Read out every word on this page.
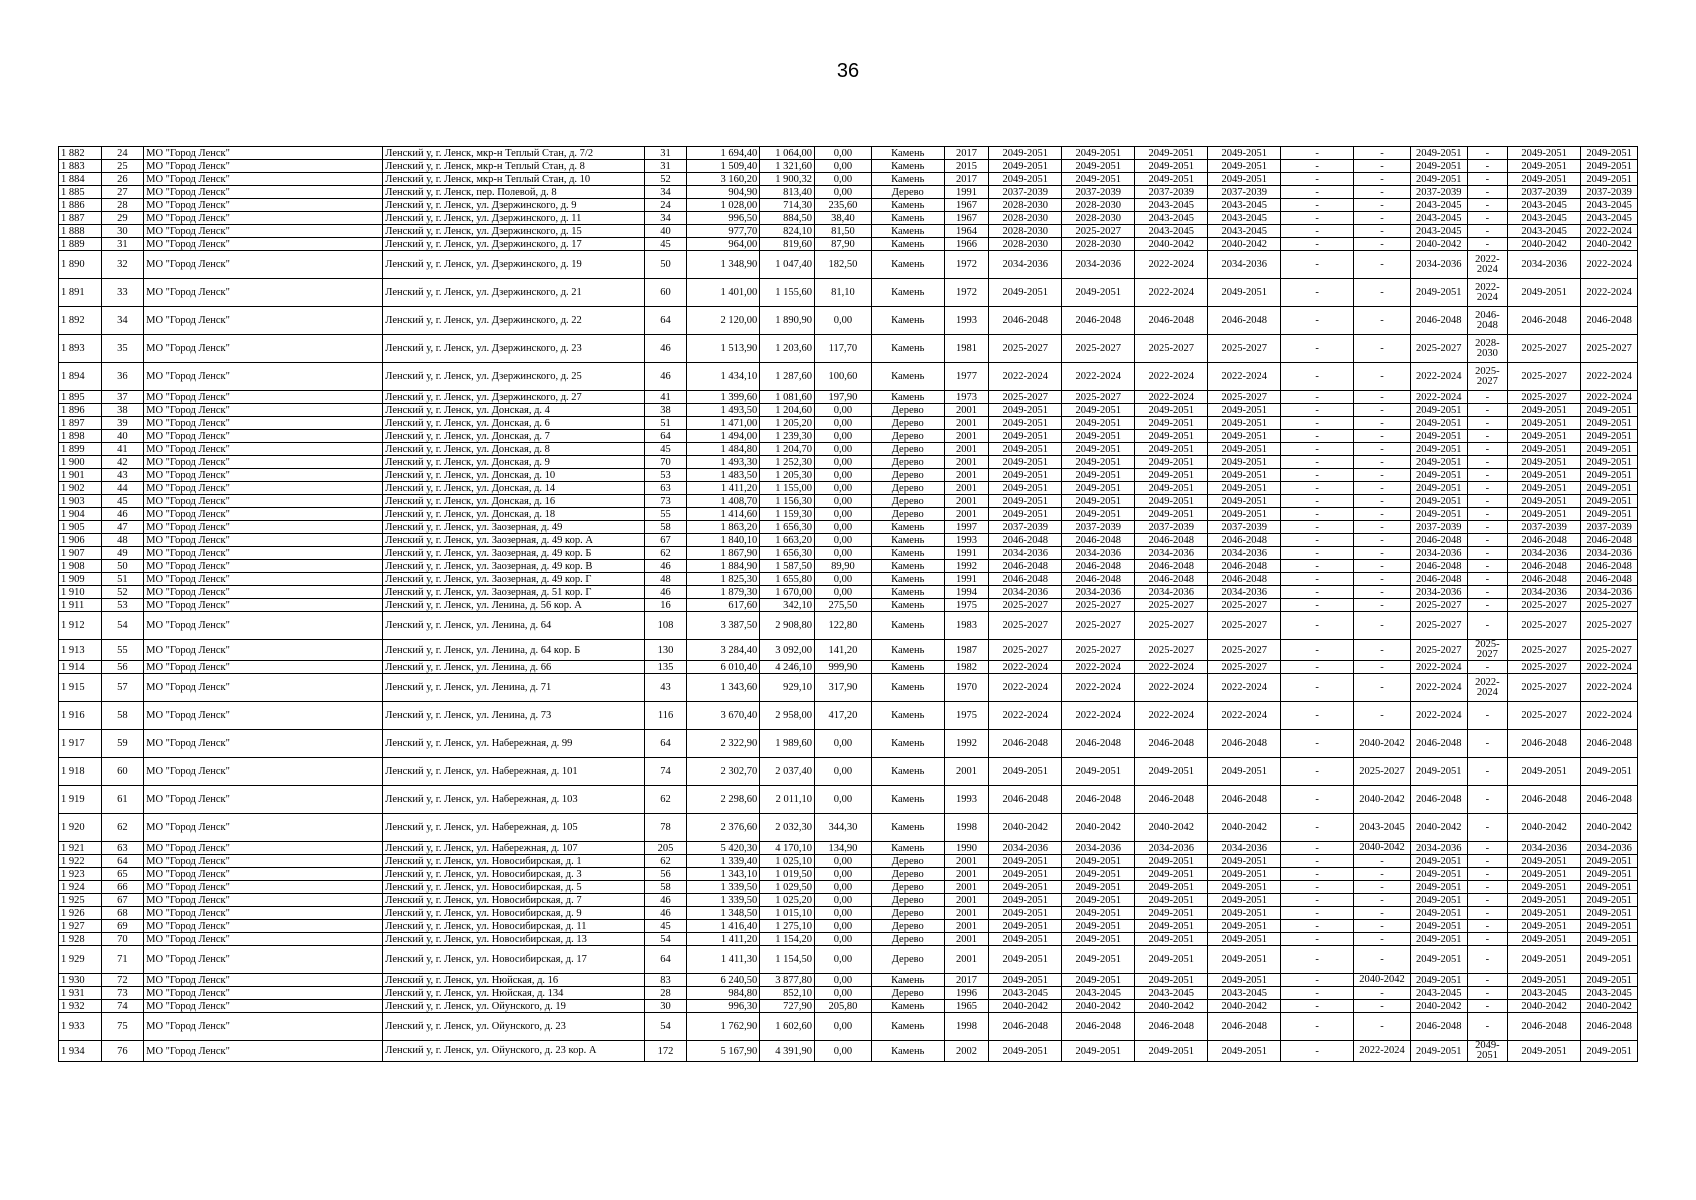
36
1 882	24	МО "Город Ленск"	Ленский у, г. Ленск, мкр-н Теплый Стан, д. 7/2	31	1 694,40	1 064,00	0,00	Камень	2017	2049-2051	2049-2051	2049-2051	2049-2051	-	-	2049-2051	-	2049-2051	2049-2051
1 883	25	МО "Город Ленск"	Ленский у, г. Ленск, мкр-н Теплый Стан, д. 8	31	1 509,40	1 321,60	0,00	Камень	2015	2049-2051	2049-2051	2049-2051	2049-2051	-	-	2049-2051	-	2049-2051	2049-2051
1 884	26	МО "Город Ленск"	Ленский у, г. Ленск, мкр-н Теплый Стан, д. 10	52	3 160,20	1 900,32	0,00	Камень	2017	2049-2051	2049-2051	2049-2051	2049-2051	-	-	2049-2051	-	2049-2051	2049-2051
1 885	27	МО "Город Ленск"	Ленский у, г. Ленск, пер. Полевой, д. 8	34	904,90	813,40	0,00	Дерево	1991	2037-2039	2037-2039	2037-2039	2037-2039	-	-	2037-2039	-	2037-2039	2037-2039
1 886	28	МО "Город Ленск"	Ленский у, г. Ленск, ул. Дзержинского, д. 9	24	1 028,00	714,30	235,60	Камень	1967	2028-2030	2028-2030	2043-2045	2043-2045	-	-	2043-2045	-	2043-2045	2043-2045
1 887	29	МО "Город Ленск"	Ленский у, г. Ленск, ул. Дзержинского, д. 11	34	996,50	884,50	38,40	Камень	1967	2028-2030	2028-2030	2043-2045	2043-2045	-	-	2043-2045	-	2043-2045	2043-2045
1 888	30	МО "Город Ленск"	Ленский у, г. Ленск, ул. Дзержинского, д. 15	40	977,70	824,10	81,50	Камень	1964	2028-2030	2025-2027	2043-2045	2043-2045	-	-	2043-2045	-	2043-2045	2022-2024
1 889	31	МО "Город Ленск"	Ленский у, г. Ленск, ул. Дзержинского, д. 17	45	964,00	819,60	87,90	Камень	1966	2028-2030	2028-2030	2040-2042	2040-2042	-	-	2040-2042	-	2040-2042	2040-2042
1 890	32	МО "Город Ленск"	Ленский у, г. Ленск, ул. Дзержинского, д. 19	50	1 348,90	1 047,40	182,50	Камень	1972	2034-2036	2034-2036	2022-2024	2034-2036	-	-	2034-2036	2022-2024	2034-2036	2022-2024
1 891	33	МО "Город Ленск"	Ленский у, г. Ленск, ул. Дзержинского, д. 21	60	1 401,00	1 155,60	81,10	Камень	1972	2049-2051	2049-2051	2022-2024	2049-2051	-	-	2049-2051	2022-2024	2049-2051	2022-2024
1 892	34	МО "Город Ленск"	Ленский у, г. Ленск, ул. Дзержинского, д. 22	64	2 120,00	1 890,90	0,00	Камень	1993	2046-2048	2046-2048	2046-2048	2046-2048	-	-	2046-2048	2046-2048	2046-2048	2046-2048
1 893	35	МО "Город Ленск"	Ленский у, г. Ленск, ул. Дзержинского, д. 23	46	1 513,90	1 203,60	117,70	Камень	1981	2025-2027	2025-2027	2025-2027	2025-2027	-	-	2025-2027	2028-2030	2025-2027	2025-2027
1 894	36	МО "Город Ленск"	Ленский у, г. Ленск, ул. Дзержинского, д. 25	46	1 434,10	1 287,60	100,60	Камень	1977	2022-2024	2022-2024	2022-2024	2022-2024	-	-	2022-2024	2025-2027	2025-2027	2022-2024
1 895	37	МО "Город Ленск"	Ленский у, г. Ленск, ул. Дзержинского, д. 27	41	1 399,60	1 081,60	197,90	Камень	1973	2025-2027	2025-2027	2022-2024	2025-2027	-	-	2022-2024	-	2025-2027	2022-2024
1 896	38	МО "Город Ленск"	Ленский у, г. Ленск, ул. Донская, д. 4	38	1 493,50	1 204,60	0,00	Дерево	2001	2049-2051	2049-2051	2049-2051	2049-2051	-	-	2049-2051	-	2049-2051	2049-2051
1 897	39	МО "Город Ленск"	Ленский у, г. Ленск, ул. Донская, д. 6	51	1 471,00	1 205,20	0,00	Дерево	2001	2049-2051	2049-2051	2049-2051	2049-2051	-	-	2049-2051	-	2049-2051	2049-2051
1 898	40	МО "Город Ленск"	Ленский у, г. Ленск, ул. Донская, д. 7	64	1 494,00	1 239,30	0,00	Дерево	2001	2049-2051	2049-2051	2049-2051	2049-2051	-	-	2049-2051	-	2049-2051	2049-2051
1 899	41	МО "Город Ленск"	Ленский у, г. Ленск, ул. Донская, д. 8	45	1 484,80	1 204,70	0,00	Дерево	2001	2049-2051	2049-2051	2049-2051	2049-2051	-	-	2049-2051	-	2049-2051	2049-2051
1 900	42	МО "Город Ленск"	Ленский у, г. Ленск, ул. Донская, д. 9	70	1 493,30	1 252,30	0,00	Дерево	2001	2049-2051	2049-2051	2049-2051	2049-2051	-	-	2049-2051	-	2049-2051	2049-2051
1 901	43	МО "Город Ленск"	Ленский у, г. Ленск, ул. Донская, д. 10	53	1 483,50	1 205,30	0,00	Дерево	2001	2049-2051	2049-2051	2049-2051	2049-2051	-	-	2049-2051	-	2049-2051	2049-2051
1 902	44	МО "Город Ленск"	Ленский у, г. Ленск, ул. Донская, д. 14	63	1 411,20	1 155,00	0,00	Дерево	2001	2049-2051	2049-2051	2049-2051	2049-2051	-	-	2049-2051	-	2049-2051	2049-2051
1 903	45	МО "Город Ленск"	Ленский у, г. Ленск, ул. Донская, д. 16	73	1 408,70	1 156,30	0,00	Дерево	2001	2049-2051	2049-2051	2049-2051	2049-2051	-	-	2049-2051	-	2049-2051	2049-2051
1 904	46	МО "Город Ленск"	Ленский у, г. Ленск, ул. Донская, д. 18	55	1 414,60	1 159,30	0,00	Дерево	2001	2049-2051	2049-2051	2049-2051	2049-2051	-	-	2049-2051	-	2049-2051	2049-2051
1 905	47	МО "Город Ленск"	Ленский у, г. Ленск, ул. Заозерная, д. 49	58	1 863,20	1 656,30	0,00	Камень	1997	2037-2039	2037-2039	2037-2039	2037-2039	-	-	2037-2039	-	2037-2039	2037-2039
1 906	48	МО "Город Ленск"	Ленский у, г. Ленск, ул. Заозерная, д. 49 кор. А	67	1 840,10	1 663,20	0,00	Камень	1993	2046-2048	2046-2048	2046-2048	2046-2048	-	-	2046-2048	-	2046-2048	2046-2048
1 907	49	МО "Город Ленск"	Ленский у, г. Ленск, ул. Заозерная, д. 49 кор. Б	62	1 867,90	1 656,30	0,00	Камень	1991	2034-2036	2034-2036	2034-2036	2034-2036	-	-	2034-2036	-	2034-2036	2034-2036
1 908	50	МО "Город Ленск"	Ленский у, г. Ленск, ул. Заозерная, д. 49 кор. В	46	1 884,90	1 587,50	89,90	Камень	1992	2046-2048	2046-2048	2046-2048	2046-2048	-	-	2046-2048	-	2046-2048	2046-2048
1 909	51	МО "Город Ленск"	Ленский у, г. Ленск, ул. Заозерная, д. 49 кор. Г	48	1 825,30	1 655,80	0,00	Камень	1991	2046-2048	2046-2048	2046-2048	2046-2048	-	-	2046-2048	-	2046-2048	2046-2048
1 910	52	МО "Город Ленск"	Ленский у, г. Ленск, ул. Заозерная, д. 51 кор. Г	46	1 879,30	1 670,00	0,00	Камень	1994	2034-2036	2034-2036	2034-2036	2034-2036	-	-	2034-2036	-	2034-2036	2034-2036
1 911	53	МО "Город Ленск"	Ленский у, г. Ленск, ул. Ленина, д. 56 кор. А	16	617,60	342,10	275,50	Камень	1975	2025-2027	2025-2027	2025-2027	2025-2027	-	-	2025-2027	-	2025-2027	2025-2027
1 912	54	МО "Город Ленск"	Ленский у, г. Ленск, ул. Ленина, д. 64	108	3 387,50	2 908,80	122,80	Камень	1983	2025-2027	2025-2027	2025-2027	2025-2027	-	-	2025-2027	-	2025-2027	2025-2027
1 913	55	МО "Город Ленск"	Ленский у, г. Ленск, ул. Ленина, д. 64 кор. Б	130	3 284,40	3 092,00	141,20	Камень	1987	2025-2027	2025-2027	2025-2027	2025-2027	-	-	2025-2027	2025-2027	2025-2027	2025-2027
1 914	56	МО "Город Ленск"	Ленский у, г. Ленск, ул. Ленина, д. 66	135	6 010,40	4 246,10	999,90	Камень	1982	2022-2024	2022-2024	2022-2024	2025-2027	-	-	2022-2024	-	2025-2027	2022-2024
1 915	57	МО "Город Ленск"	Ленский у, г. Ленск, ул. Ленина, д. 71	43	1 343,60	929,10	317,90	Камень	1970	2022-2024	2022-2024	2022-2024	2022-2024	-	-	2022-2024	2022-2024	2025-2027	2022-2024
1 916	58	МО "Город Ленск"	Ленский у, г. Ленск, ул. Ленина, д. 73	116	3 670,40	2 958,00	417,20	Камень	1975	2022-2024	2022-2024	2022-2024	2022-2024	-	-	2022-2024	-	2025-2027	2022-2024
1 917	59	МО "Город Ленск"	Ленский у, г. Ленск, ул. Набережная, д. 99	64	2 322,90	1 989,60	0,00	Камень	1992	2046-2048	2046-2048	2046-2048	2046-2048	-	2040-2042	2046-2048	-	2046-2048	2046-2048
1 918	60	МО "Город Ленск"	Ленский у, г. Ленск, ул. Набережная, д. 101	74	2 302,70	2 037,40	0,00	Камень	2001	2049-2051	2049-2051	2049-2051	2049-2051	-	2025-2027	2049-2051	-	2049-2051	2049-2051
1 919	61	МО "Город Ленск"	Ленский у, г. Ленск, ул. Набережная, д. 103	62	2 298,60	2 011,10	0,00	Камень	1993	2046-2048	2046-2048	2046-2048	2046-2048	-	2040-2042	2046-2048	-	2046-2048	2046-2048
1 920	62	МО "Город Ленск"	Ленский у, г. Ленск, ул. Набережная, д. 105	78	2 376,60	2 032,30	344,30	Камень	1998	2040-2042	2040-2042	2040-2042	2040-2042	-	2043-2045	2040-2042	-	2040-2042	2040-2042
1 921	63	МО "Город Ленск"	Ленский у, г. Ленск, ул. Набережная, д. 107	205	5 420,30	4 170,10	134,90	Камень	1990	2034-2036	2034-2036	2034-2036	2034-2036	-	2040-2042	2034-2036	-	2034-2036	2034-2036
1 922	64	МО "Город Ленск"	Ленский у, г. Ленск, ул. Новосибирская, д. 1	62	1 339,40	1 025,10	0,00	Дерево	2001	2049-2051	2049-2051	2049-2051	2049-2051	-	-	2049-2051	-	2049-2051	2049-2051
1 923	65	МО "Город Ленск"	Ленский у, г. Ленск, ул. Новосибирская, д. 3	56	1 343,10	1 019,50	0,00	Дерево	2001	2049-2051	2049-2051	2049-2051	2049-2051	-	-	2049-2051	-	2049-2051	2049-2051
1 924	66	МО "Город Ленск"	Ленский у, г. Ленск, ул. Новосибирская, д. 5	58	1 339,50	1 029,50	0,00	Дерево	2001	2049-2051	2049-2051	2049-2051	2049-2051	-	-	2049-2051	-	2049-2051	2049-2051
1 925	67	МО "Город Ленск"	Ленский у, г. Ленск, ул. Новосибирская, д. 7	46	1 339,50	1 025,20	0,00	Дерево	2001	2049-2051	2049-2051	2049-2051	2049-2051	-	-	2049-2051	-	2049-2051	2049-2051
1 926	68	МО "Город Ленск"	Ленский у, г. Ленск, ул. Новосибирская, д. 9	46	1 348,50	1 015,10	0,00	Дерево	2001	2049-2051	2049-2051	2049-2051	2049-2051	-	-	2049-2051	-	2049-2051	2049-2051
1 927	69	МО "Город Ленск"	Ленский у, г. Ленск, ул. Новосибирская, д. 11	45	1 416,40	1 275,10	0,00	Дерево	2001	2049-2051	2049-2051	2049-2051	2049-2051	-	-	2049-2051	-	2049-2051	2049-2051
1 928	70	МО "Город Ленск"	Ленский у, г. Ленск, ул. Новосибирская, д. 13	54	1 411,20	1 154,20	0,00	Дерево	2001	2049-2051	2049-2051	2049-2051	2049-2051	-	-	2049-2051	-	2049-2051	2049-2051
1 929	71	МО "Город Ленск"	Ленский у, г. Ленск, ул. Новосибирская, д. 17	64	1 411,30	1 154,50	0,00	Дерево	2001	2049-2051	2049-2051	2049-2051	2049-2051	-	-	2049-2051	-	2049-2051	2049-2051
1 930	72	МО "Город Ленск"	Ленский у, г. Ленск, ул. Нюйская, д. 16	83	6 240,50	3 877,80	0,00	Камень	2017	2049-2051	2049-2051	2049-2051	2049-2051	-	2040-2042	2049-2051	-	2049-2051	2049-2051
1 931	73	МО "Город Ленск"	Ленский у, г. Ленск, ул. Нюйская, д. 134	28	984,80	852,10	0,00	Дерево	1996	2043-2045	2043-2045	2043-2045	2043-2045	-	-	2043-2045	-	2043-2045	2043-2045
1 932	74	МО "Город Ленск"	Ленский у, г. Ленск, ул. Ойунского, д. 19	30	996,30	727,90	205,80	Камень	1965	2040-2042	2040-2042	2040-2042	2040-2042	-	-	2040-2042	-	2040-2042	2040-2042
1 933	75	МО "Город Ленск"	Ленский у, г. Ленск, ул. Ойунского, д. 23	54	1 762,90	1 602,60	0,00	Камень	1998	2046-2048	2046-2048	2046-2048	2046-2048	-	-	2046-2048	-	2046-2048	2046-2048
1 934	76	МО "Город Ленск"	Ленский у, г. Ленск, ул. Ойунского, д. 23 кор. А	172	5 167,90	4 391,90	0,00	Камень	2002	2049-2051	2049-2051	2049-2051	2049-2051	-	2022-2024	2049-2051	2049-2051	2049-2051	2049-2051
